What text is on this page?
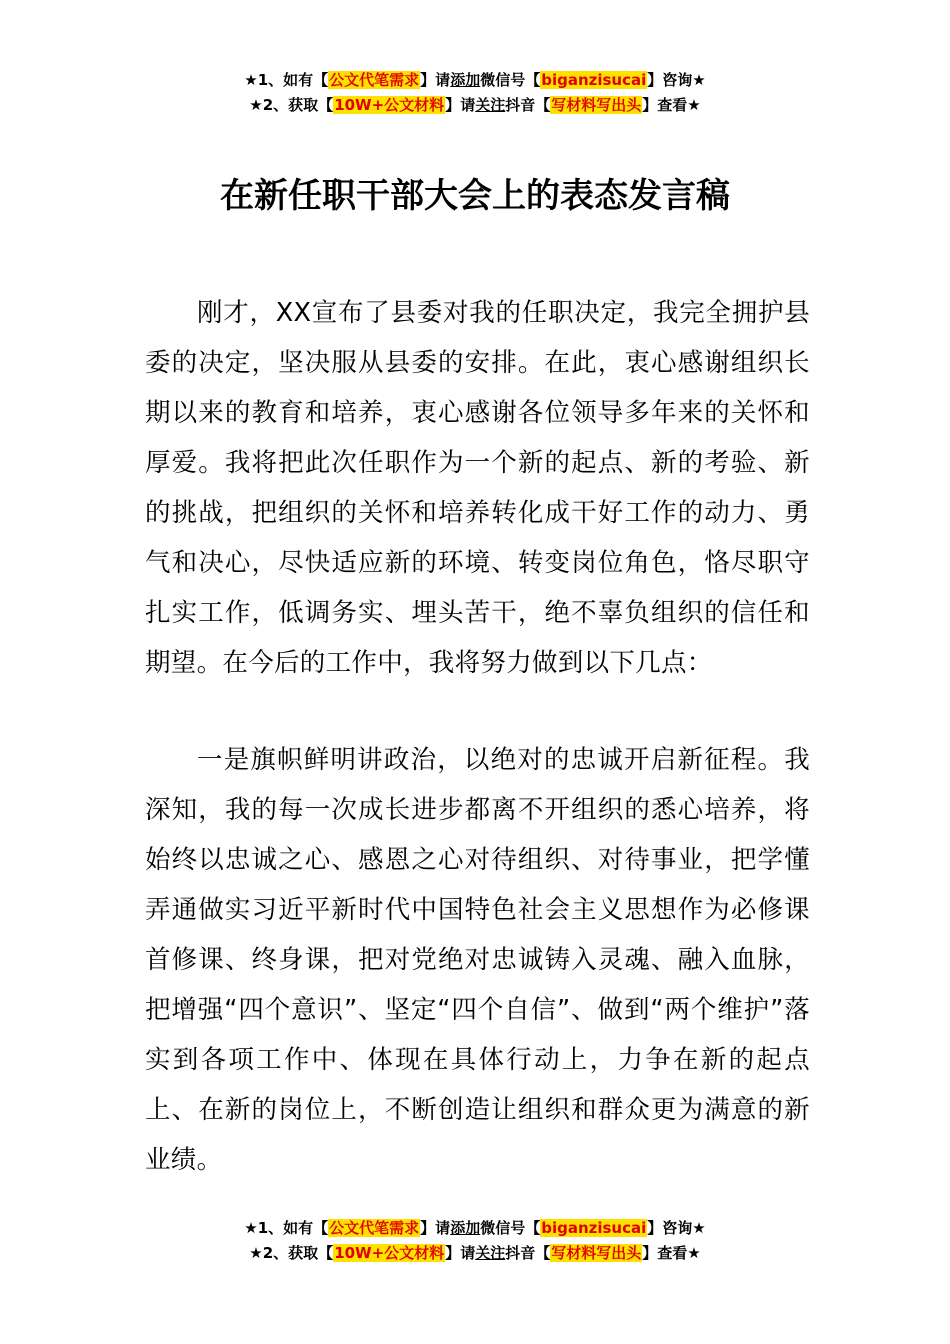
★1、如有【公文代笔需求】请添加微信号【biganzisucai】咨询★
★2、获取【10W+公文材料】请关注抖音【写材料写出头】查看★
在新任职干部大会上的表态发言稿

刚才，XX宣布了县委对我的任职决定，我完全拥护县委的决定，坚决服从县委的安排。在此，衷心感谢组织长期以来的教育和培养，衷心感谢各位领导多年来的关怀和厚爱。我将把此次任职作为一个新的起点、新的考验、新的挑战，把组织的关怀和培养转化成干好工作的动力、勇气和决心，尽快适应新的环境、转变岗位角色，恪尽职守扎实工作，低调务实、埋头苦干，绝不辜负组织的信任和期望。在今后的工作中，我将努力做到以下几点：

一是旗帜鲜明讲政治，以绝对的忠诚开启新征程。我深知，我的每一次成长进步都离不开组织的悉心培养，将始终以忠诚之心、感恩之心对待组织、对待事业，把学懂弄通做实习近平新时代中国特色社会主义思想作为必修课首修课、终身课，把对党绝对忠诚铸入灵魂、融入血脉，把增强“四个意识”、坚定“四个自信”、做到“两个维护”落实到各项工作中、体现在具体行动上，力争在新的起点上、在新的岗位上，不断创造让组织和群众更为满意的新业绩。

★1、如有【公文代笔需求】请添加微信号【biganzisucai】咨询★
★2、获取【10W+公文材料】请关注抖音【写材料写出头】查看★
